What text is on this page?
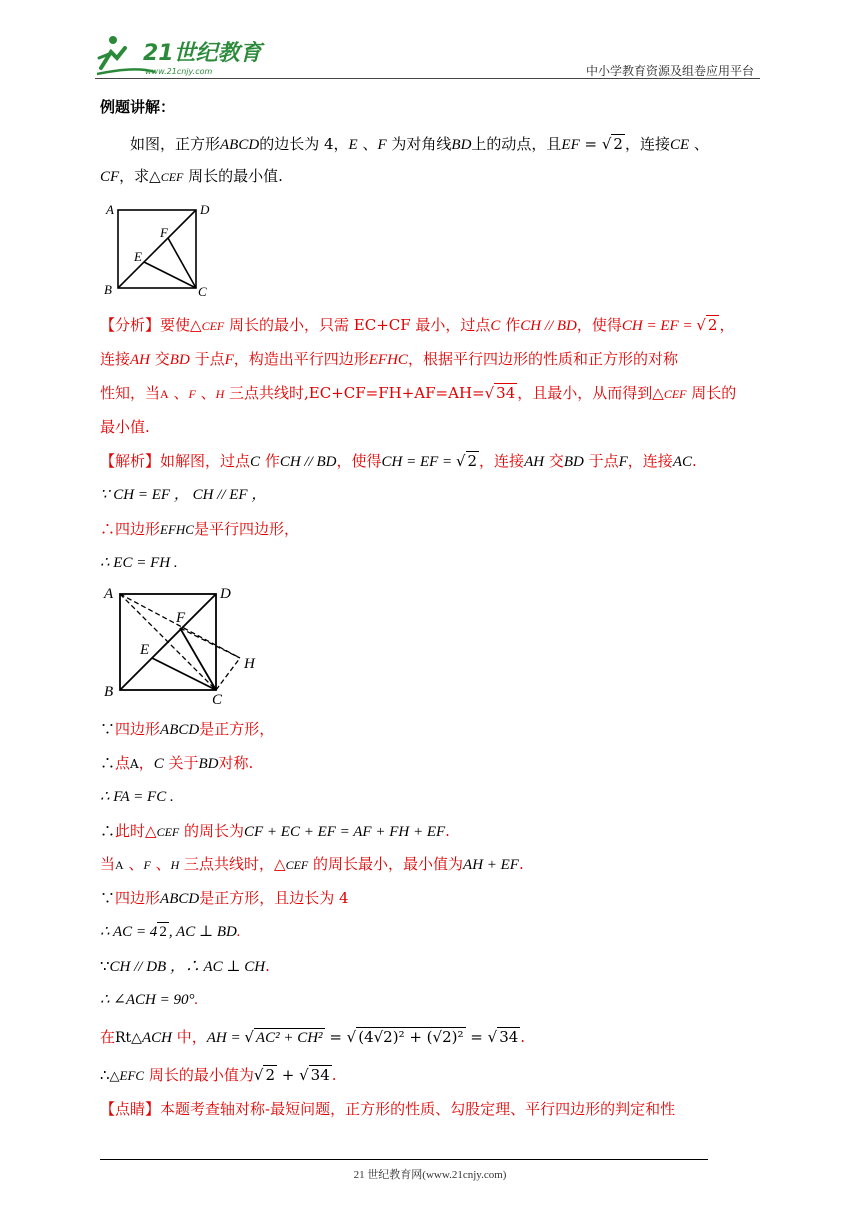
21世纪教育
www.21cnjy.com	中小学教育资源及组卷应用平台
例题讲解：
如图，正方形ABCD的边长为 4，E 、F 为对角线BD上的动点，且EF = √ 2 ，连接CE 、
CF，求△CEF 周长的最小值.
A	D
F
E
B	C
【分析】要使△CEF 周长的最小，只需 EC+CF 最小，过点C 作CH // BD，使得CH = EF = √ 2 ，
连接AH 交BD 于点F，构造出平行四边形EFHC，根据平行四边形的性质和正方形的对称
性知，当A 、F 、H 三点共线时,EC+CF=FH+AF=AH=√ 34 ，且最小，从而得到△CEF 周长的
最小值.
【解析】如解图，过点C 作CH // BD，使得CH = EF = √ 2 ，连接AH 交BD 于点F，连接AC.
∵ CH = EF ， CH // EF ，
∴四边形EFHC是平行四边形，
∴ EC = FH .
A	D
F
E
H
B	C
∵四边形ABCD是正方形，
∴点A，C 关于BD对称.
∴ FA = FC .
∴此时△CEF 的周长为CF + EC + EF = AF + FH + EF.
当A 、F 、H 三点共线时，△CEF 的周长最小，最小值为AH + EF.
∵四边形ABCD是正方形，且边长为 4
∴ AC = 4 2 , AC ⊥ BD.
∵CH // DB ，∴ AC ⊥ CH.
∴ ∠ACH = 90°.
在Rt△ACH 中，AH = √ AC² + CH² = √ (4√2)² + (√2)² = √ 34 .
∴△EFC 周长的最小值为√ 2 + √ 34 .
【点睛】本题考查轴对称-最短问题，正方形的性质、勾股定理、平行四边形的判定和性
21 世纪教育网(www.21cnjy.com)
